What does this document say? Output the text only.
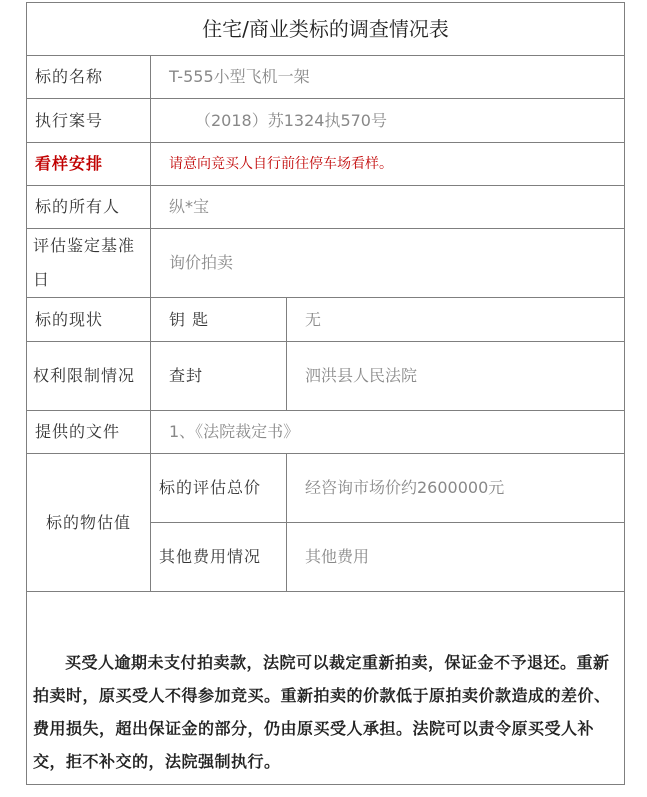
住宅/商业类标的调查情况表		
标的名称	T-555小型飞机一架	
执行案号	（2018）苏1324执570号	
看样安排	请意向竞买人自行前往停车场看样。	
标的所有人	纵*宝	
评估鉴定基准日	询价拍卖	
标的现状	钥 匙	无
权利限制情况	查封	泗洪县人民法院
提供的文件	1、《法院裁定书》	
标的物估值	标的评估总价	经咨询市场价约2600000元
	其他费用情况	其他费用

买受人逾期未支付拍卖款，法院可以裁定重新拍卖，保证金不予退还。重新拍卖时，原买受人不得参加竞买。重新拍卖的价款低于原拍卖价款造成的差价、费用损失，超出保证金的部分，仍由原买受人承担。法院可以责令原买受人补交，拒不补交的，法院强制执行。		
